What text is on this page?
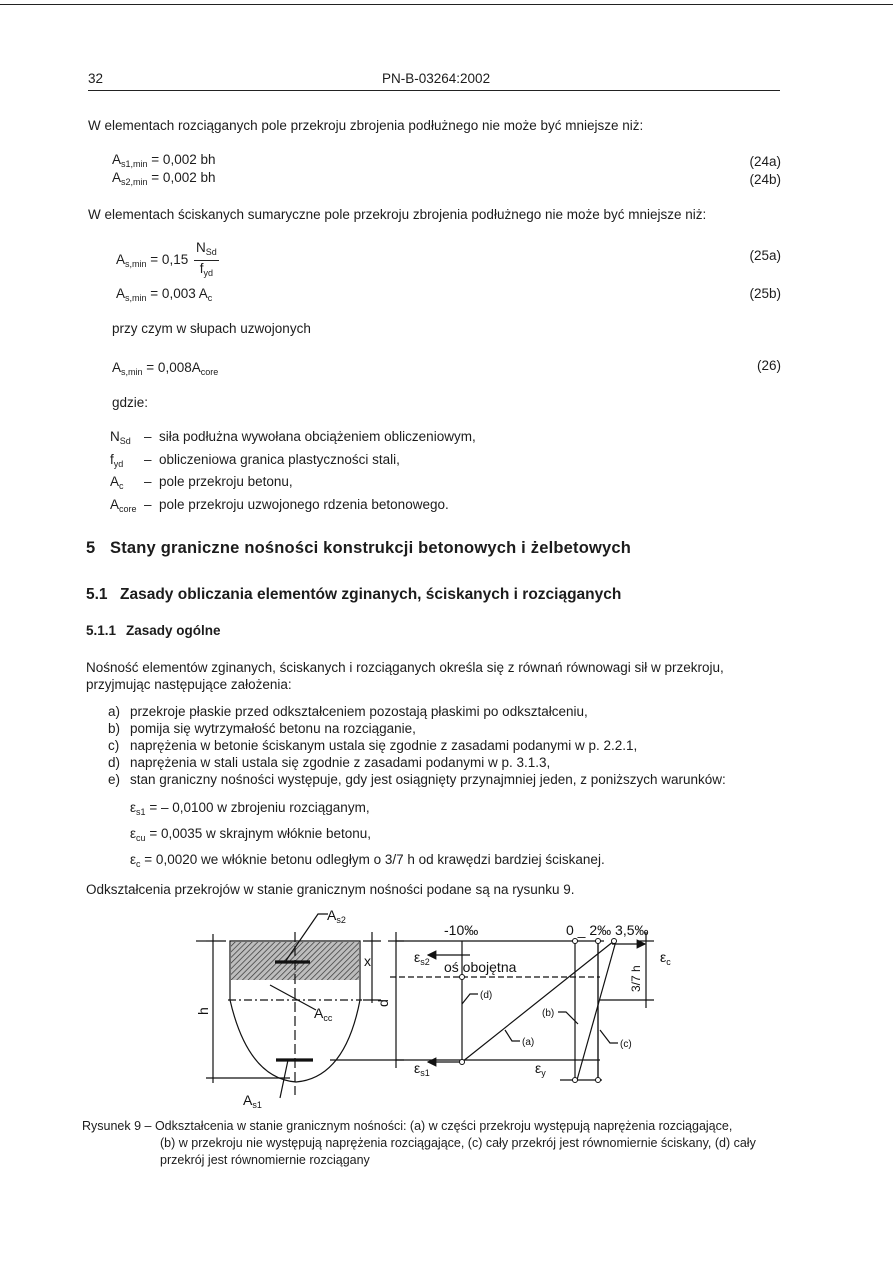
32	PN-B-03264:2002
W elementach rozciąganych pole przekroju zbrojenia podłużnego nie może być mniejsze niż:
$A_{s1,min} = 0,002$ bh	(24a)
$A_{s2,min} = 0,002$ bh	(24b)
W elementach ściskanych sumaryczne pole przekroju zbrojenia podłużnego nie może być mniejsze niż:
$A_{s,min} = 0,15$
$N_{Sd}$
$f_{yd}$
(25a)
$A_{s,min} = 0,003$ $A_c$	(25b)
przy czym w słupach uzwojonych
$A_{s,min} = 0,008A_{core}$	(26)
gdzie:
$N_{Sd}$ – siła podłużna wywołana obciążeniem obliczeniowym,
$f_{yd}$ – obliczeniowa granica plastyczności stali,
$A_c$ – pole przekroju betonu,
$A_{core}$ – pole przekroju uzwojonego rdzenia betonowego.
5 Stany graniczne nośności konstrukcji betonowych i żelbetowych
5.1 Zasady obliczania elementów zginanych, ściskanych i rozciąganych
5.1.1 Zasady ogólne
Nośność elementów zginanych, ściskanych i rozciąganych określa się z równań równowagi sił w przekroju,
przyjmując następujące założenia:
a) przekroje płaskie przed odkształceniem pozostają płaskimi po odkształceniu,
b) pomija się wytrzymałość betonu na rozciąganie,
c) naprężenia w betonie ściskanym ustala się zgodnie z zasadami podanymi w p. 2.2.1,
d) naprężenia w stali ustala się zgodnie z zasadami podanymi w p. 3.1.3,
e) stan graniczny nośności występuje, gdy jest osiągnięty przynajmniej jeden, z poniższych warunków:
$\varepsilon_{s1}$ = – 0,0100 w zbrojeniu rozciąganym,
$\varepsilon_{cu} = 0,0035$ w skrajnym włóknie betonu,
$\varepsilon_c = 0,0020$ we włóknie betonu odległym o 3/7 h od krawędzi bardziej ściskanej.
Odkształcenia przekrojów w stanie granicznym nośności podane są na rysunku 9.
$A_{s2}$
$A_{cc}$
$A_{s1}$
h
x
d
-10‰	0 _ 2‰ 3,5‰
$\varepsilon_{s2}$ oś obojętna
$\varepsilon_c$
3/7 h
$\varepsilon_{s1}$	$\varepsilon_y$
(d)
(a)
(b)
(c)
Rysunek 9 – Odkształcenia w stanie granicznym nośności: (a) w części przekroju występują naprężenia rozciągające,
(b) w przekroju nie występują naprężenia rozciągające, (c) cały przekrój jest równomiernie ściskany, (d) cały
przekrój jest równomiernie rozciągany
